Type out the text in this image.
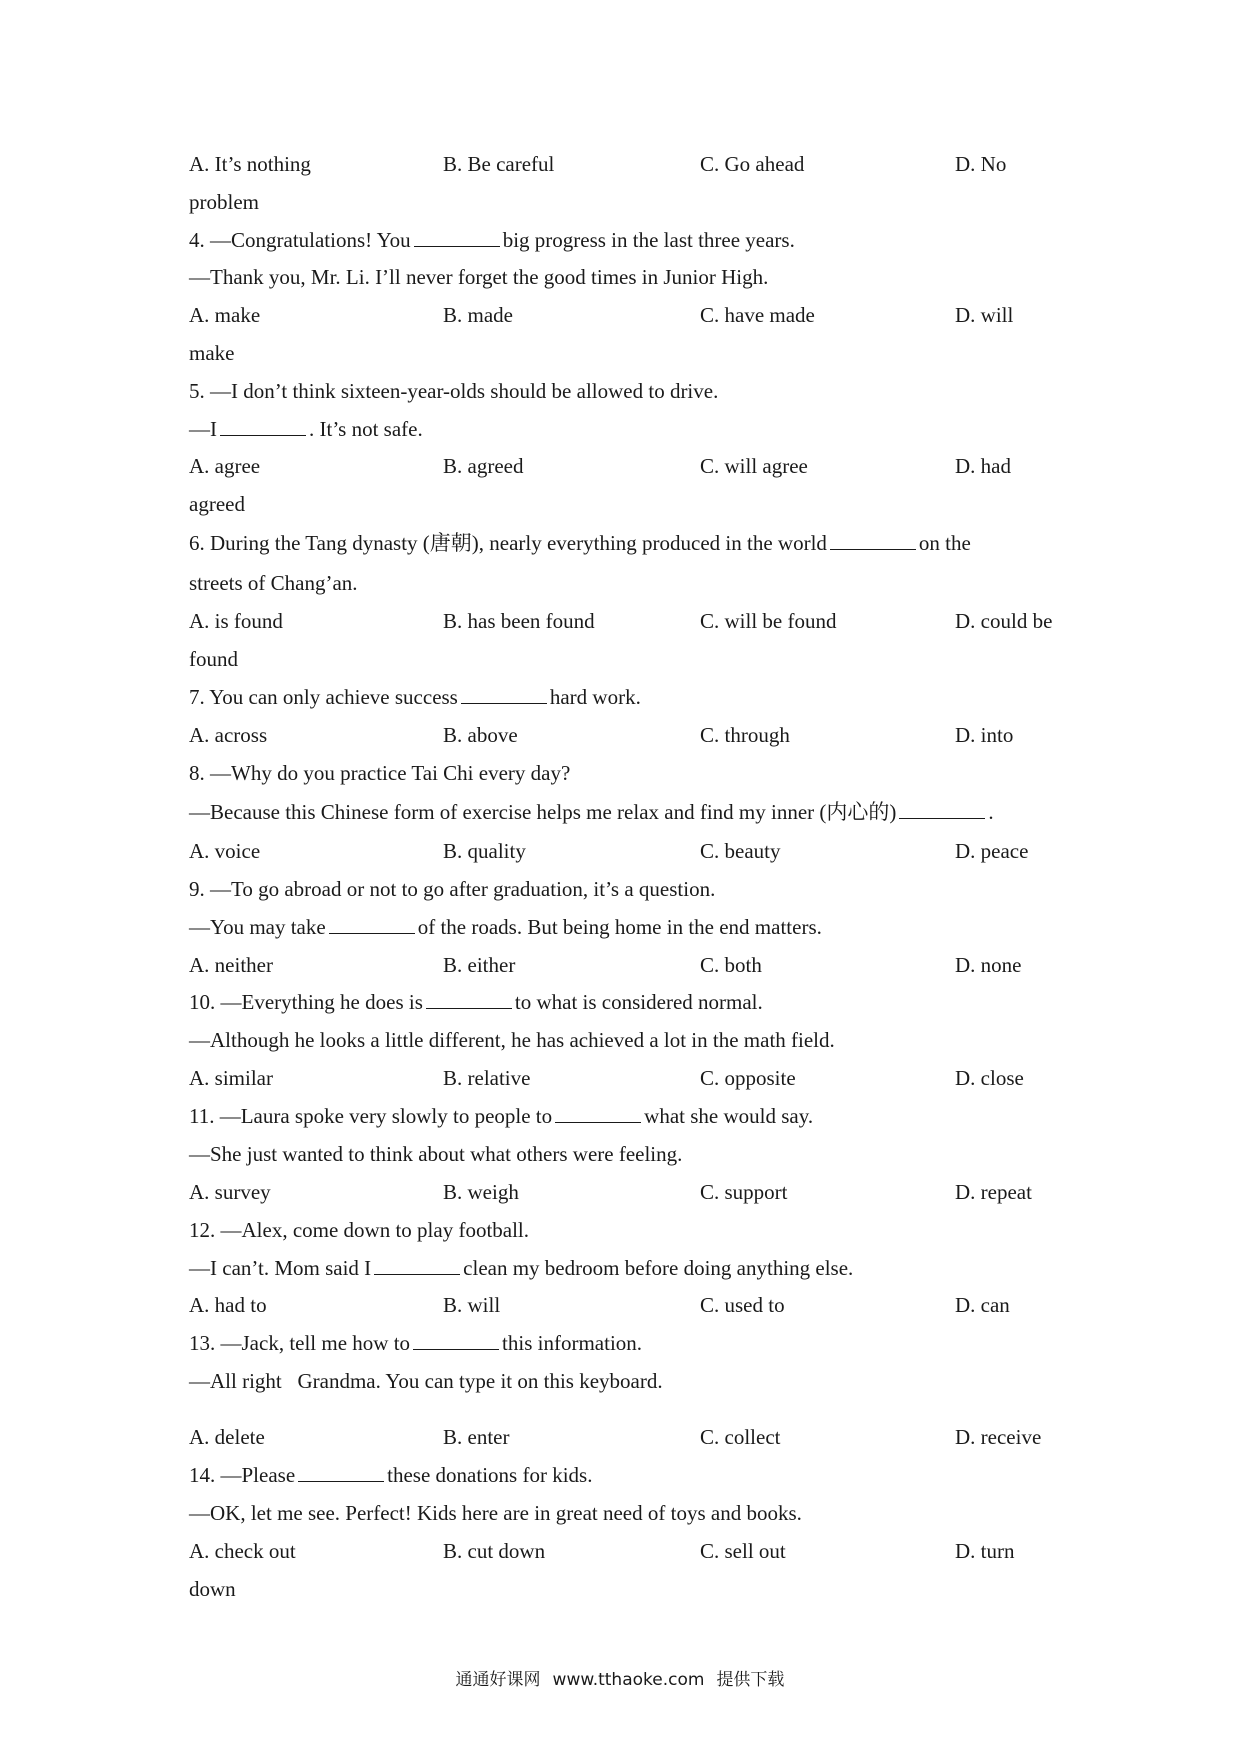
A. It’s nothing	B. Be careful	C. Go ahead	D. No
problem
4. —Congratulations! You	big progress in the last three years.
—Thank you, Mr. Li. I’ll never forget the good times in Junior High.
A. make	B. made	C. have made	D. will
make
5. —I don’t think sixteen-year-olds should be allowed to drive.
—I	. It’s not safe.
A. agree	B. agreed	C. will agree	D. had
agreed
6. During the Tang dynasty (唐朝), nearly everything produced in the world	on the
streets of Chang’an.
A. is found	B. has been found	C. will be found	D. could be
found
7. You can only achieve success	hard work.
A. across	B. above	C. through	D. into
8. —Why do you practice Tai Chi every day?
—Because this Chinese form of exercise helps me relax and find my inner (内心的)	.
A. voice	B. quality	C. beauty	D. peace
9. —To go abroad or not to go after graduation, it’s a question.
—You may take	of the roads. But being home in the end matters.
A. neither	B. either	C. both	D. none
10. —Everything he does is	to what is considered normal.
—Although he looks a little different, he has achieved a lot in the math field.
A. similar	B. relative	C. opposite	D. close
11. —Laura spoke very slowly to people to	what she would say.
—She just wanted to think about what others were feeling.
A. survey	B. weigh	C. support	D. repeat
12. —Alex, come down to play football.
—I can’t. Mom said I	clean my bedroom before doing anything else.
A. had to	B. will	C. used to	D. can
13. —Jack, tell me how to	this information.
—All right   Grandma. You can type it on this keyboard.
A. delete	B. enter	C. collect	D. receive
14. —Please	these donations for kids.
—OK, let me see. Perfect! Kids here are in great need of toys and books.
A. check out	B. cut down	C. sell out	D. turn
down
通通好课网 www.tthaoke.com 提供下载
